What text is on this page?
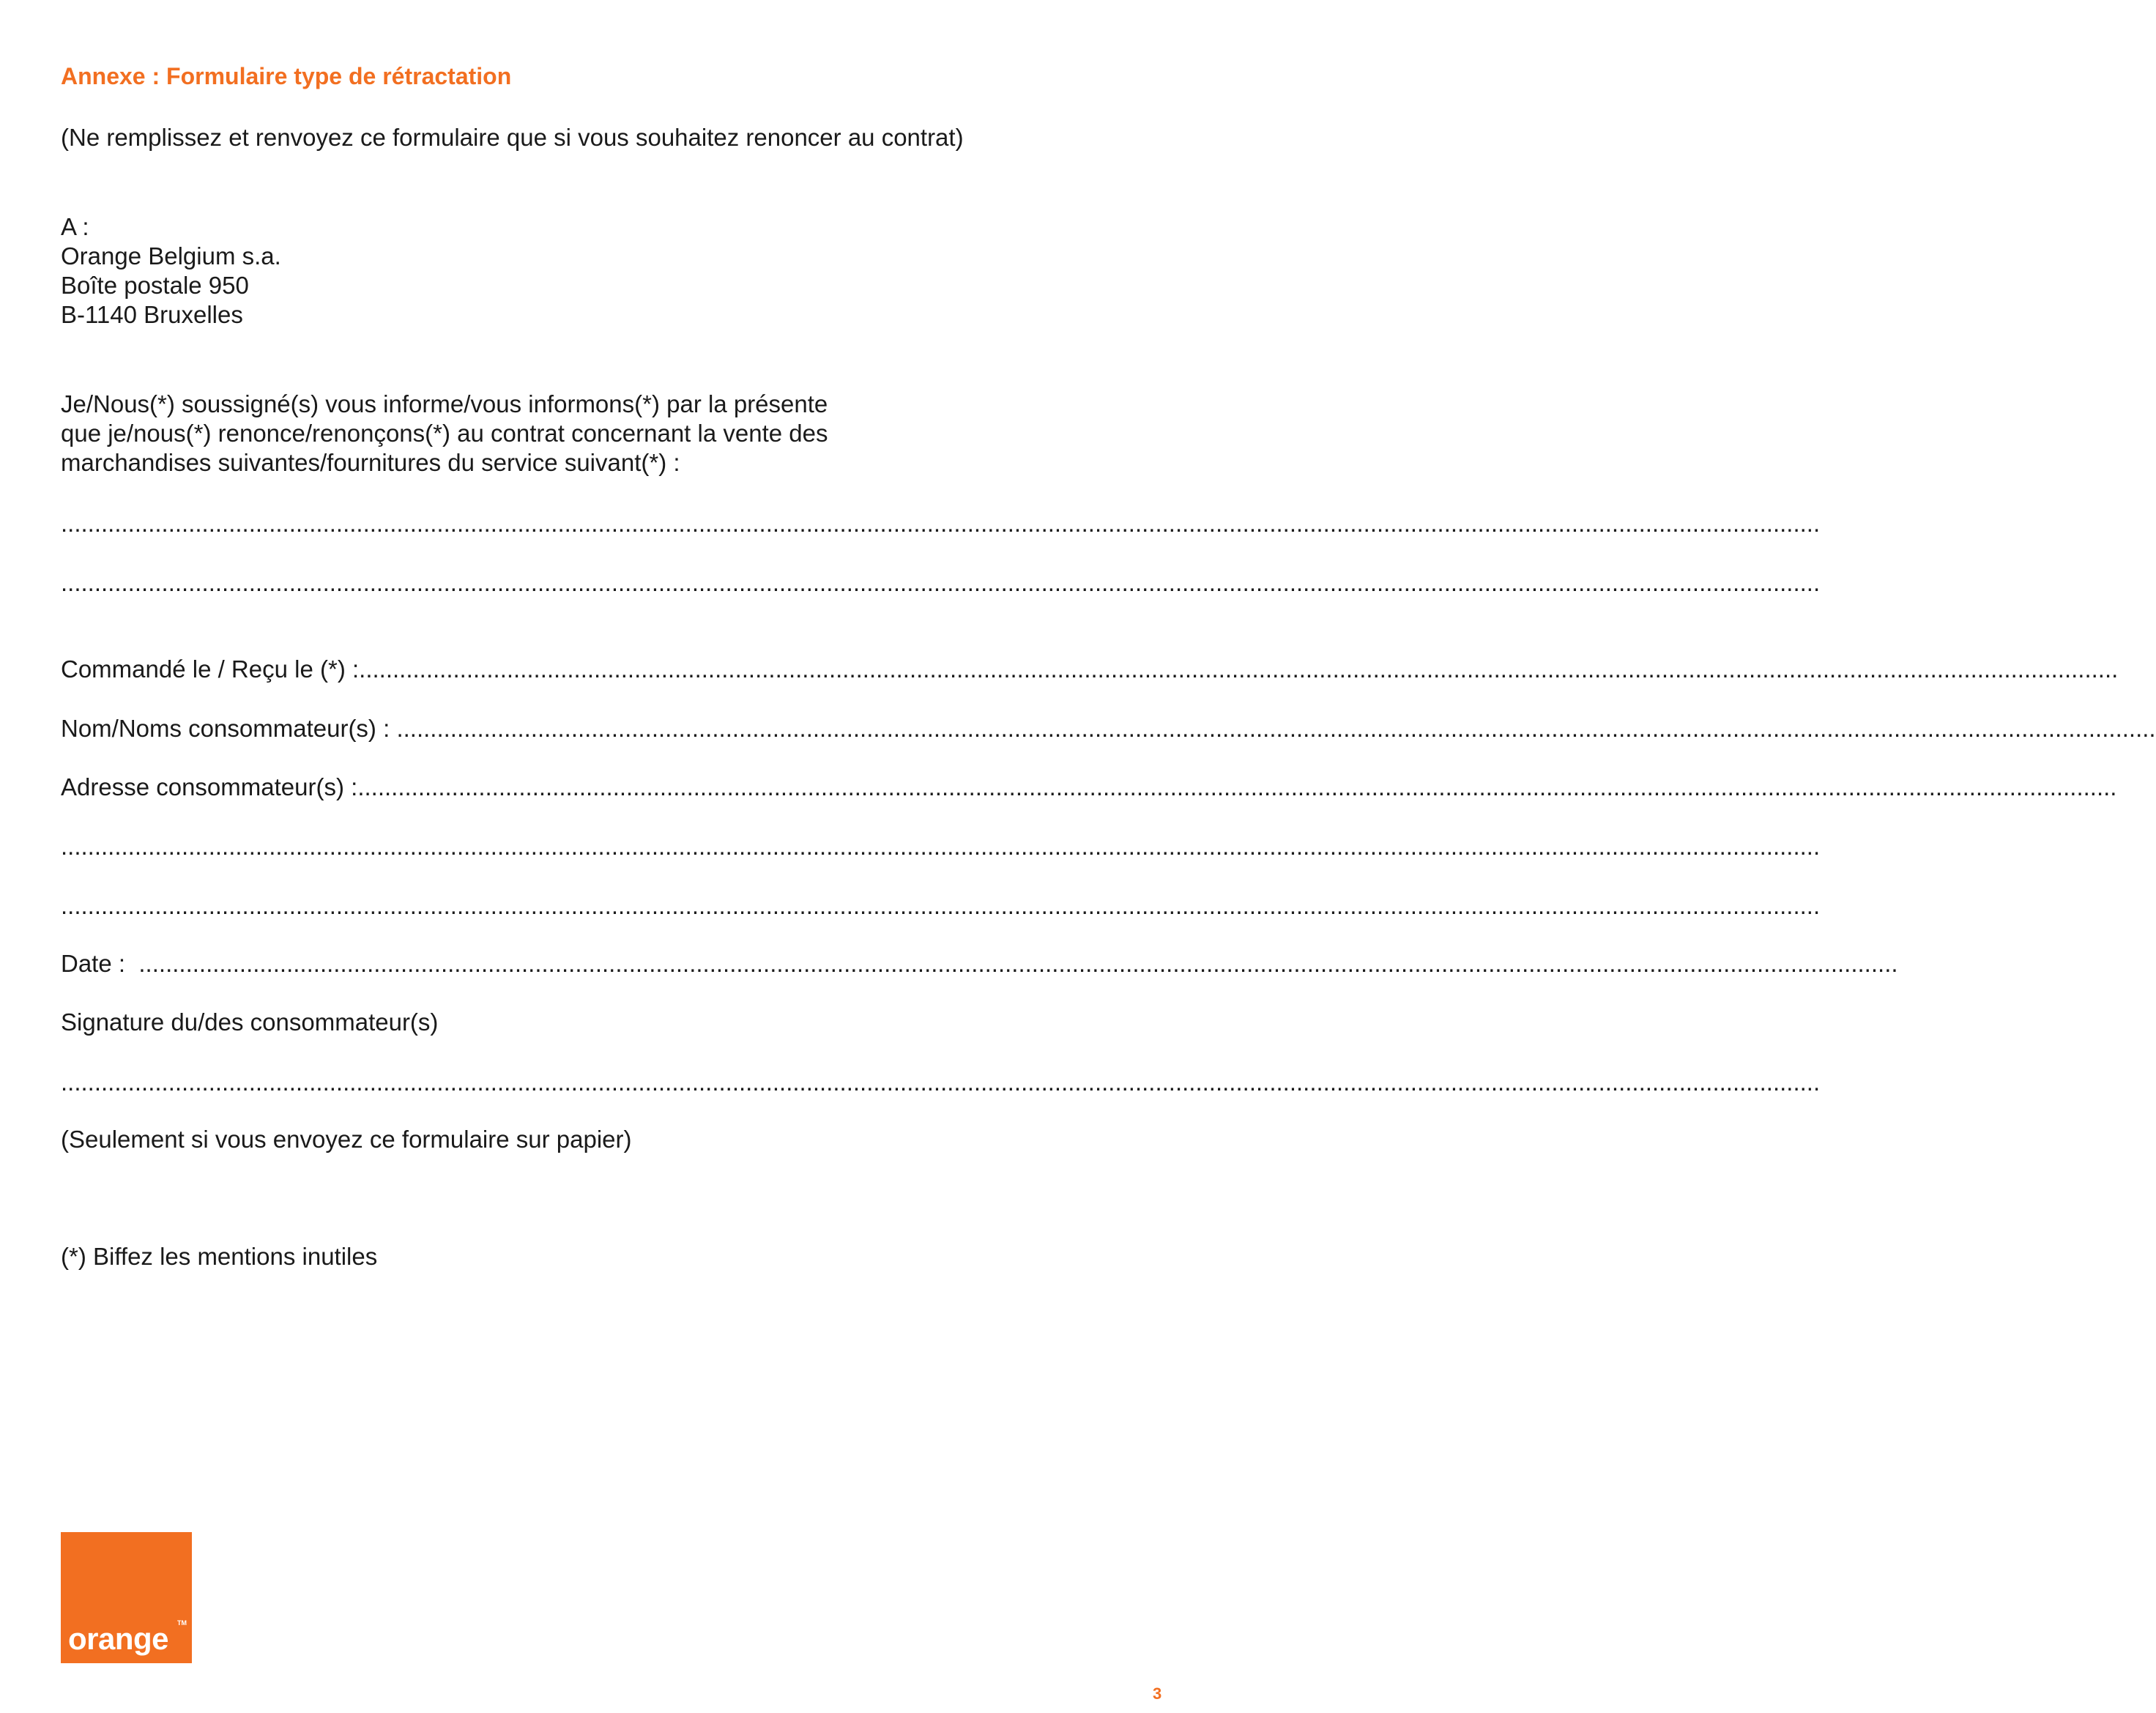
Annexe : Formulaire type de rétractation
(Ne remplissez et renvoyez ce formulaire que si vous souhaitez renoncer au contrat)
A :
Orange Belgium s.a.
Boîte postale 950
B-1140 Bruxelles
Je/Nous(*) soussigné(s) vous informe/vous informons(*) par la présente
que je/nous(*) renonce/renonçons(*) au contrat concernant la vente des
marchandises suivantes/fournitures du service suivant(*) :
......................................................................................................................................................................................................................................................................
......................................................................................................................................................................................................................................................................
Commandé le / Reçu le (*) : ......................................................................................................................................................................................................................................................................
Nom/Noms consommateur(s) : ......................................................................................................................................................................................................................................................................
Adresse consommateur(s) : ......................................................................................................................................................................................................................................................................
......................................................................................................................................................................................................................................................................
......................................................................................................................................................................................................................................................................
Date : ......................................................................................................................................................................................................................................................................
Signature du/des consommateur(s)
......................................................................................................................................................................................................................................................................
(Seulement si vous envoyez ce formulaire sur papier)
(*) Biffez les mentions inutiles
orange TM
3
